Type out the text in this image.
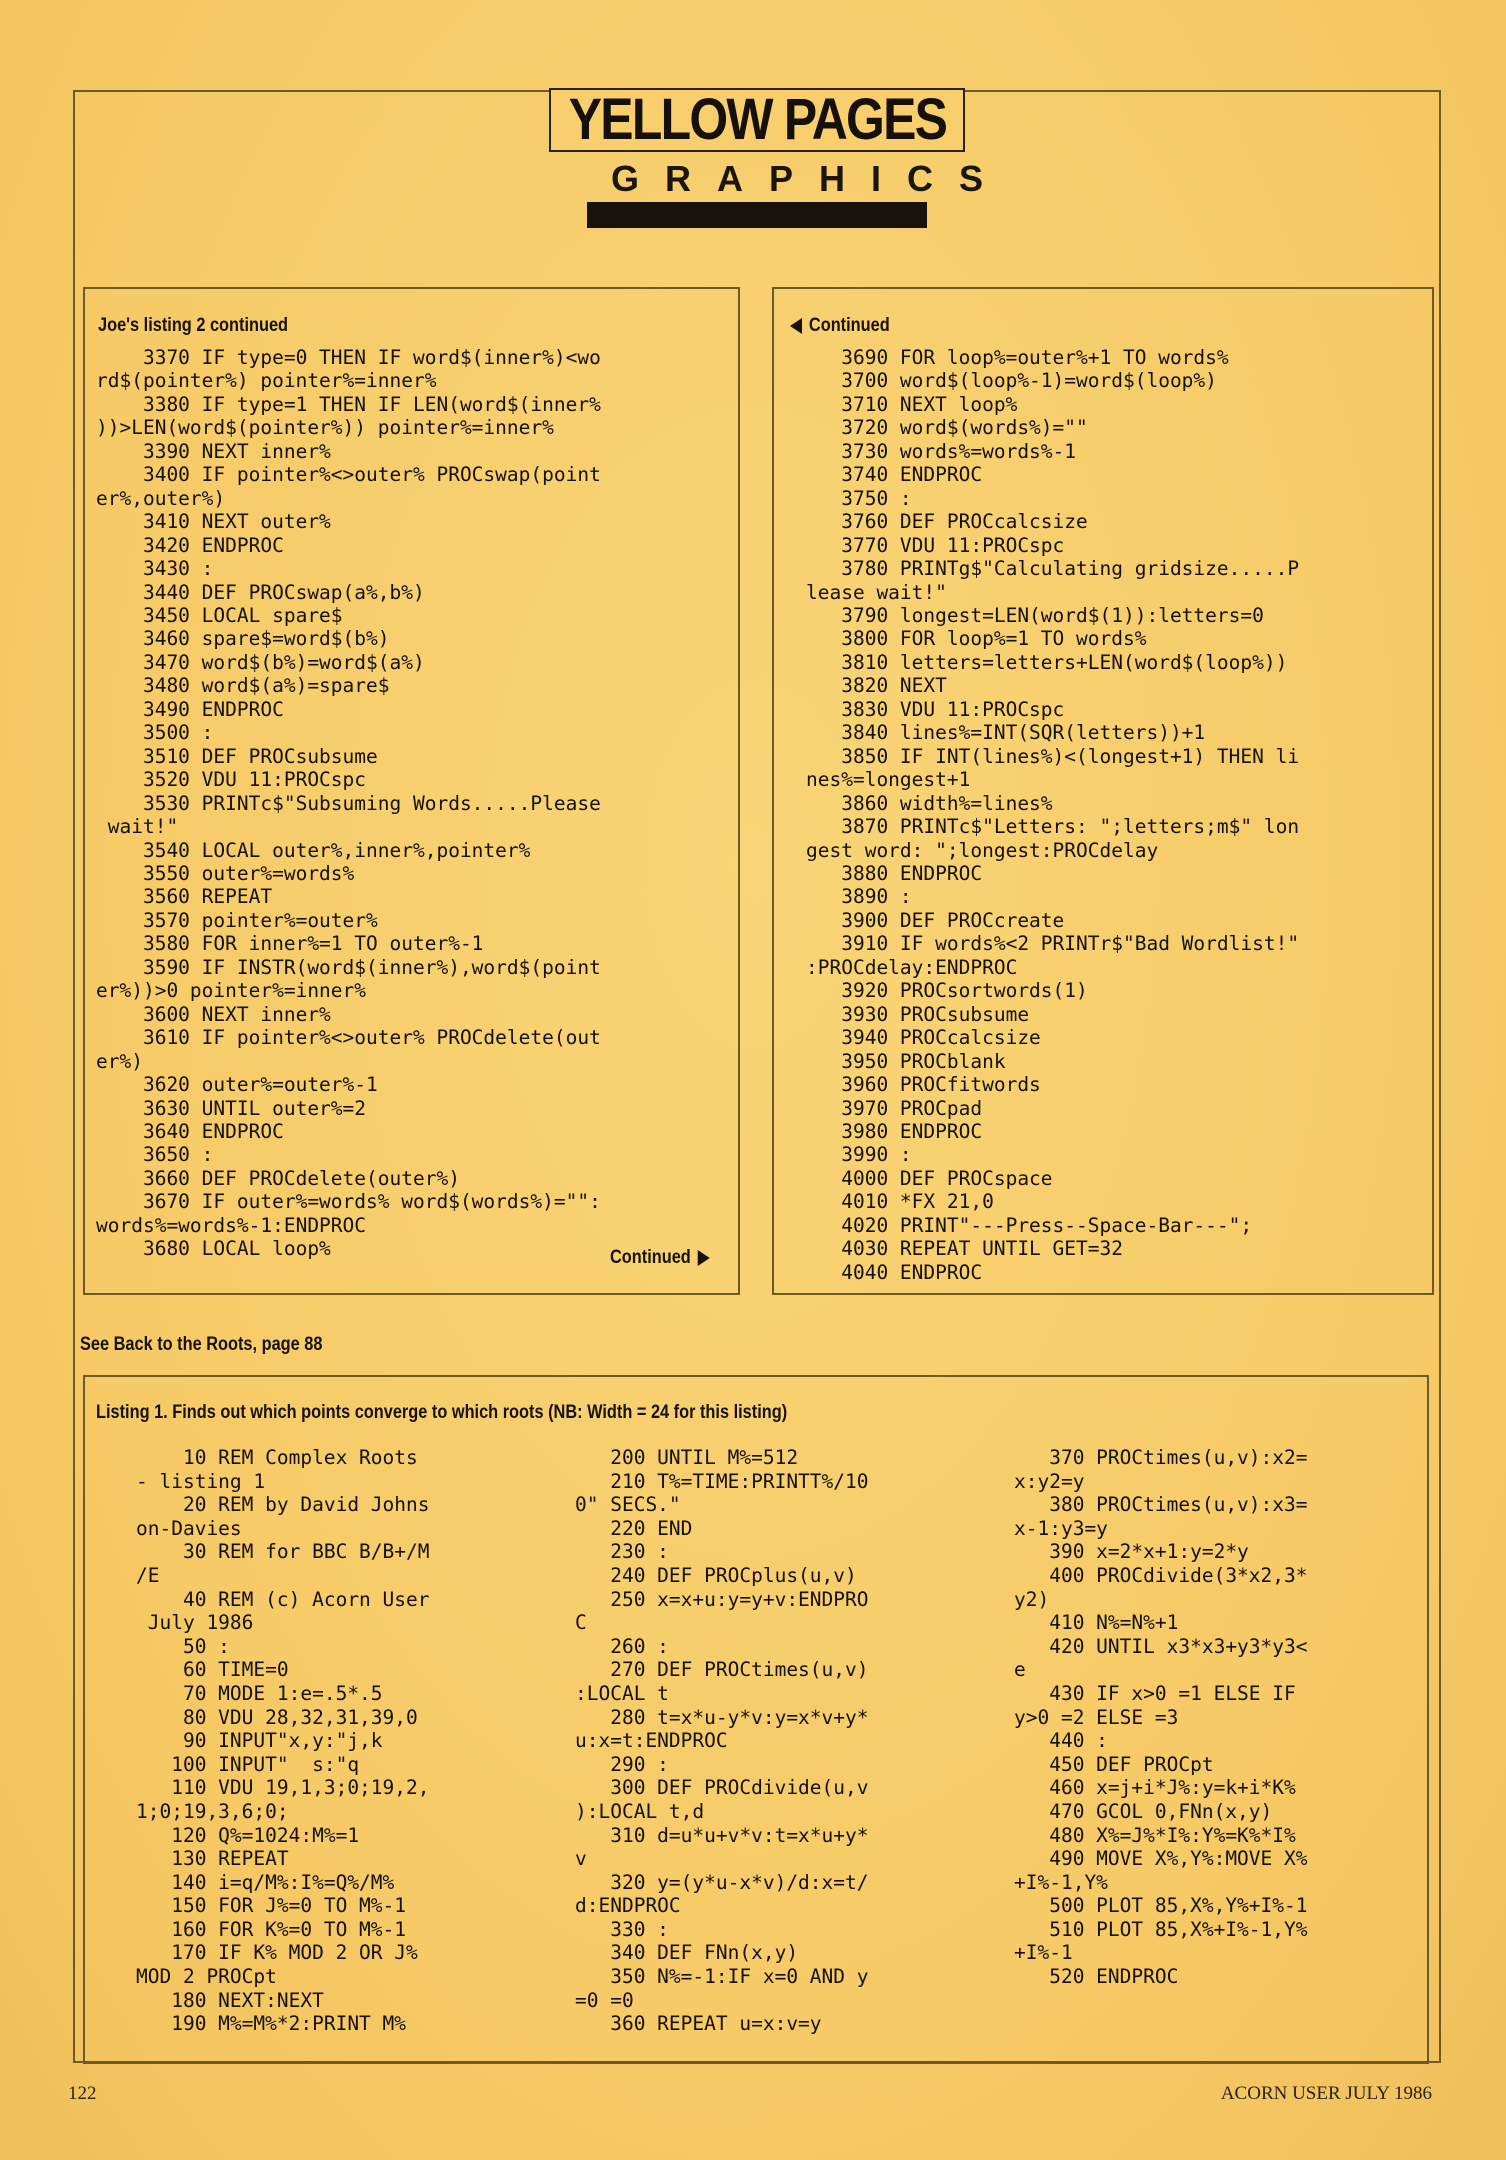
YELLOW PAGES
GRAPHICS
Joe's listing 2 continued
3370 IF type=0 THEN IF word$(inner%)<wo
rd$(pointer%) pointer%=inner%
3380 IF type=1 THEN IF LEN(word$(inner%
))>LEN(word$(pointer%)) pointer%=inner%
3390 NEXT inner%
3400 IF pointer%<>outer% PROCswap(point
er%,outer%)
3410 NEXT outer%
3420 ENDPROC
3430 :
3440 DEF PROCswap(a%,b%)
3450 LOCAL spare$
3460 spare$=word$(b%)
3470 word$(b%)=word$(a%)
3480 word$(a%)=spare$
3490 ENDPROC
3500 :
3510 DEF PROCsubsume
3520 VDU 11:PROCspc
3530 PRINTc$"Subsuming Words.....Please
wait!"
3540 LOCAL outer%,inner%,pointer%
3550 outer%=words%
3560 REPEAT
3570 pointer%=outer%
3580 FOR inner%=1 TO outer%-1
3590 IF INSTR(word$(inner%),word$(point
er%))>0 pointer%=inner%
3600 NEXT inner%
3610 IF pointer%<>outer% PROCdelete(out
er%)
3620 outer%=outer%-1
3630 UNTIL outer%=2
3640 ENDPROC
3650 :
3660 DEF PROCdelete(outer%)
3670 IF outer%=words% word$(words%)="":
words%=words%-1:ENDPROC
3680 LOCAL loop%	Continued
Continued
3690 FOR loop%=outer%+1 TO words%
3700 word$(loop%-1)=word$(loop%)
3710 NEXT loop%
3720 word$(words%)=""
3730 words%=words%-1
3740 ENDPROC
3750 :
3760 DEF PROCcalcsize
3770 VDU 11:PROCspc
3780 PRINTg$"Calculating gridsize.....P
lease wait!"
3790 longest=LEN(word$(1)):letters=0
3800 FOR loop%=1 TO words%
3810 letters=letters+LEN(word$(loop%))
3820 NEXT
3830 VDU 11:PROCspc
3840 lines%=INT(SQR(letters))+1
3850 IF INT(lines%)<(longest+1) THEN li
nes%=longest+1
3860 width%=lines%
3870 PRINTc$"Letters: ";letters;m$" lon
gest word: ";longest:PROCdelay
3880 ENDPROC
3890 :
3900 DEF PROCcreate
3910 IF words%<2 PRINTr$"Bad Wordlist!"
:PROCdelay:ENDPROC
3920 PROCsortwords(1)
3930 PROCsubsume
3940 PROCcalcsize
3950 PROCblank
3960 PROCfitwords
3970 PROCpad
3980 ENDPROC
3990 :
4000 DEF PROCspace
4010 *FX 21,0
4020 PRINT"---Press--Space-Bar---";
4030 REPEAT UNTIL GET=32
4040 ENDPROC
See Back to the Roots, page 88
Listing 1. Finds out which points converge to which roots (NB: Width = 24 for this listing)
10 REM Complex Roots
- listing 1
20 REM by David Johns
on-Davies
30 REM for BBC B/B+/M
/E
40 REM (c) Acorn User
July 1986
50 :
60 TIME=0
70 MODE 1:e=.5*.5
80 VDU 28,32,31,39,0
90 INPUT"x,y:"j,k
100 INPUT"  s:"q
110 VDU 19,1,3;0;19,2,
1;0;19,3,6;0;
120 Q%=1024:M%=1
130 REPEAT
140 i=q/M%:I%=Q%/M%
150 FOR J%=0 TO M%-1
160 FOR K%=0 TO M%-1
170 IF K% MOD 2 OR J%
MOD 2 PROCpt
180 NEXT:NEXT
190 M%=M%*2:PRINT M%
200 UNTIL M%=512
210 T%=TIME:PRINTT%/10
0" SECS."
220 END
230 :
240 DEF PROCplus(u,v)
250 x=x+u:y=y+v:ENDPRO
C
260 :
270 DEF PROCtimes(u,v)
:LOCAL t
280 t=x*u-y*v:y=x*v+y*
u:x=t:ENDPROC
290 :
300 DEF PROCdivide(u,v
):LOCAL t,d
310 d=u*u+v*v:t=x*u+y*
v
320 y=(y*u-x*v)/d:x=t/
d:ENDPROC
330 :
340 DEF FNn(x,y)
350 N%=-1:IF x=0 AND y
=0 =0
360 REPEAT u=x:v=y
370 PROCtimes(u,v):x2=
x:y2=y
380 PROCtimes(u,v):x3=
x-1:y3=y
390 x=2*x+1:y=2*y
400 PROCdivide(3*x2,3*
y2)
410 N%=N%+1
420 UNTIL x3*x3+y3*y3<
e
430 IF x>0 =1 ELSE IF
y>0 =2 ELSE =3
440 :
450 DEF PROCpt
460 x=j+i*J%:y=k+i*K%
470 GCOL 0,FNn(x,y)
480 X%=J%*I%:Y%=K%*I%
490 MOVE X%,Y%:MOVE X%
+I%-1,Y%
500 PLOT 85,X%,Y%+I%-1
510 PLOT 85,X%+I%-1,Y%
+I%-1
520 ENDPROC
122	ACORN USER JULY 1986
